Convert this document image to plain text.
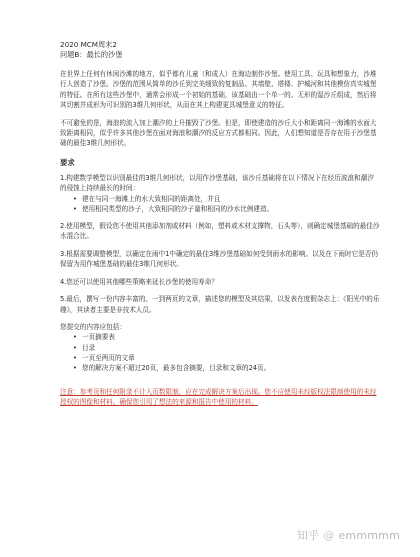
2020 MCM周末2
问题B：最长的沙堡

在世界上任何有休闲沙滩的地方，似乎都有儿童（和成人）在海边制作沙堡。使用工具、玩具和想象力，沙堆行人创造了沙堡。沙堡的范围从简单的沙丘到完美细致的复制品。其墙壁、塔楼、护城河和其他模仿真实城堡的特征。在所有这些沙堡中，通常会形成一个初始的基础，该基础由一个单一的、无形的湿沙丘组成，然后将其切割并成形为可识别的3维几何形状，从而在其上构建更具城堡意义的特征。

不可避免的是，海浪的流入加上潮汐的上升摧毁了沙堡。但是，即使建造的沙丘大小和距离同一海滩的水面大致距离相同，似乎许多其他沙堡在面对海浪和潮汐的反应方式都相同。因此，人们想知道是否存在用于沙堡基础的最佳3维几何形状。

要求

1.构建数学模型以识别最佳的3维几何形状，以用作沙堡基础，该沙丘基础将在以下情况下在经历波浪和潮汐的侵蚀上持续最长的时间：

• 建在与同一海滩上的水大致相同的距离处，并且
• 使用相同类型的沙子，大致相同的沙子量和相同的沙水比例建造。

2.使用模型，假设您不使用其他添加剂或材料（例如，塑料或木材支撑物，石头等），则确定城堡基础的最佳沙水混合比。

3.根据需要调整模型，以确定在雨中1中确定的最佳3维沙堡基础如何受到雨水的影响。以及在下雨时它是否仍保留为用作城堡基础的最佳3维几何形状。

4.您还可以使用其他哪些策略来延长沙堡的使用寿命？

5.最后，撰写一份内容丰富的、一到两页的文章，描述您的模型及其结果，以发表在度假杂志上：《阳光中的乐趣》，其读者主要是非技术人员。

您提交的内容应包括：
• 一页摘要表
• 目录
• 一页至两页的文章
• 您的解决方案不超过20页，最多包含摘要，目录和文章的24页。

注意：参考页和任何附录不计入页数限制，应在完成解决方案后出现。您不应使用未经版权法限制使用的未经授权的图像和材料。确保您引用了想法的来源和报告中使用的材料。

知乎 @ emmmmm
